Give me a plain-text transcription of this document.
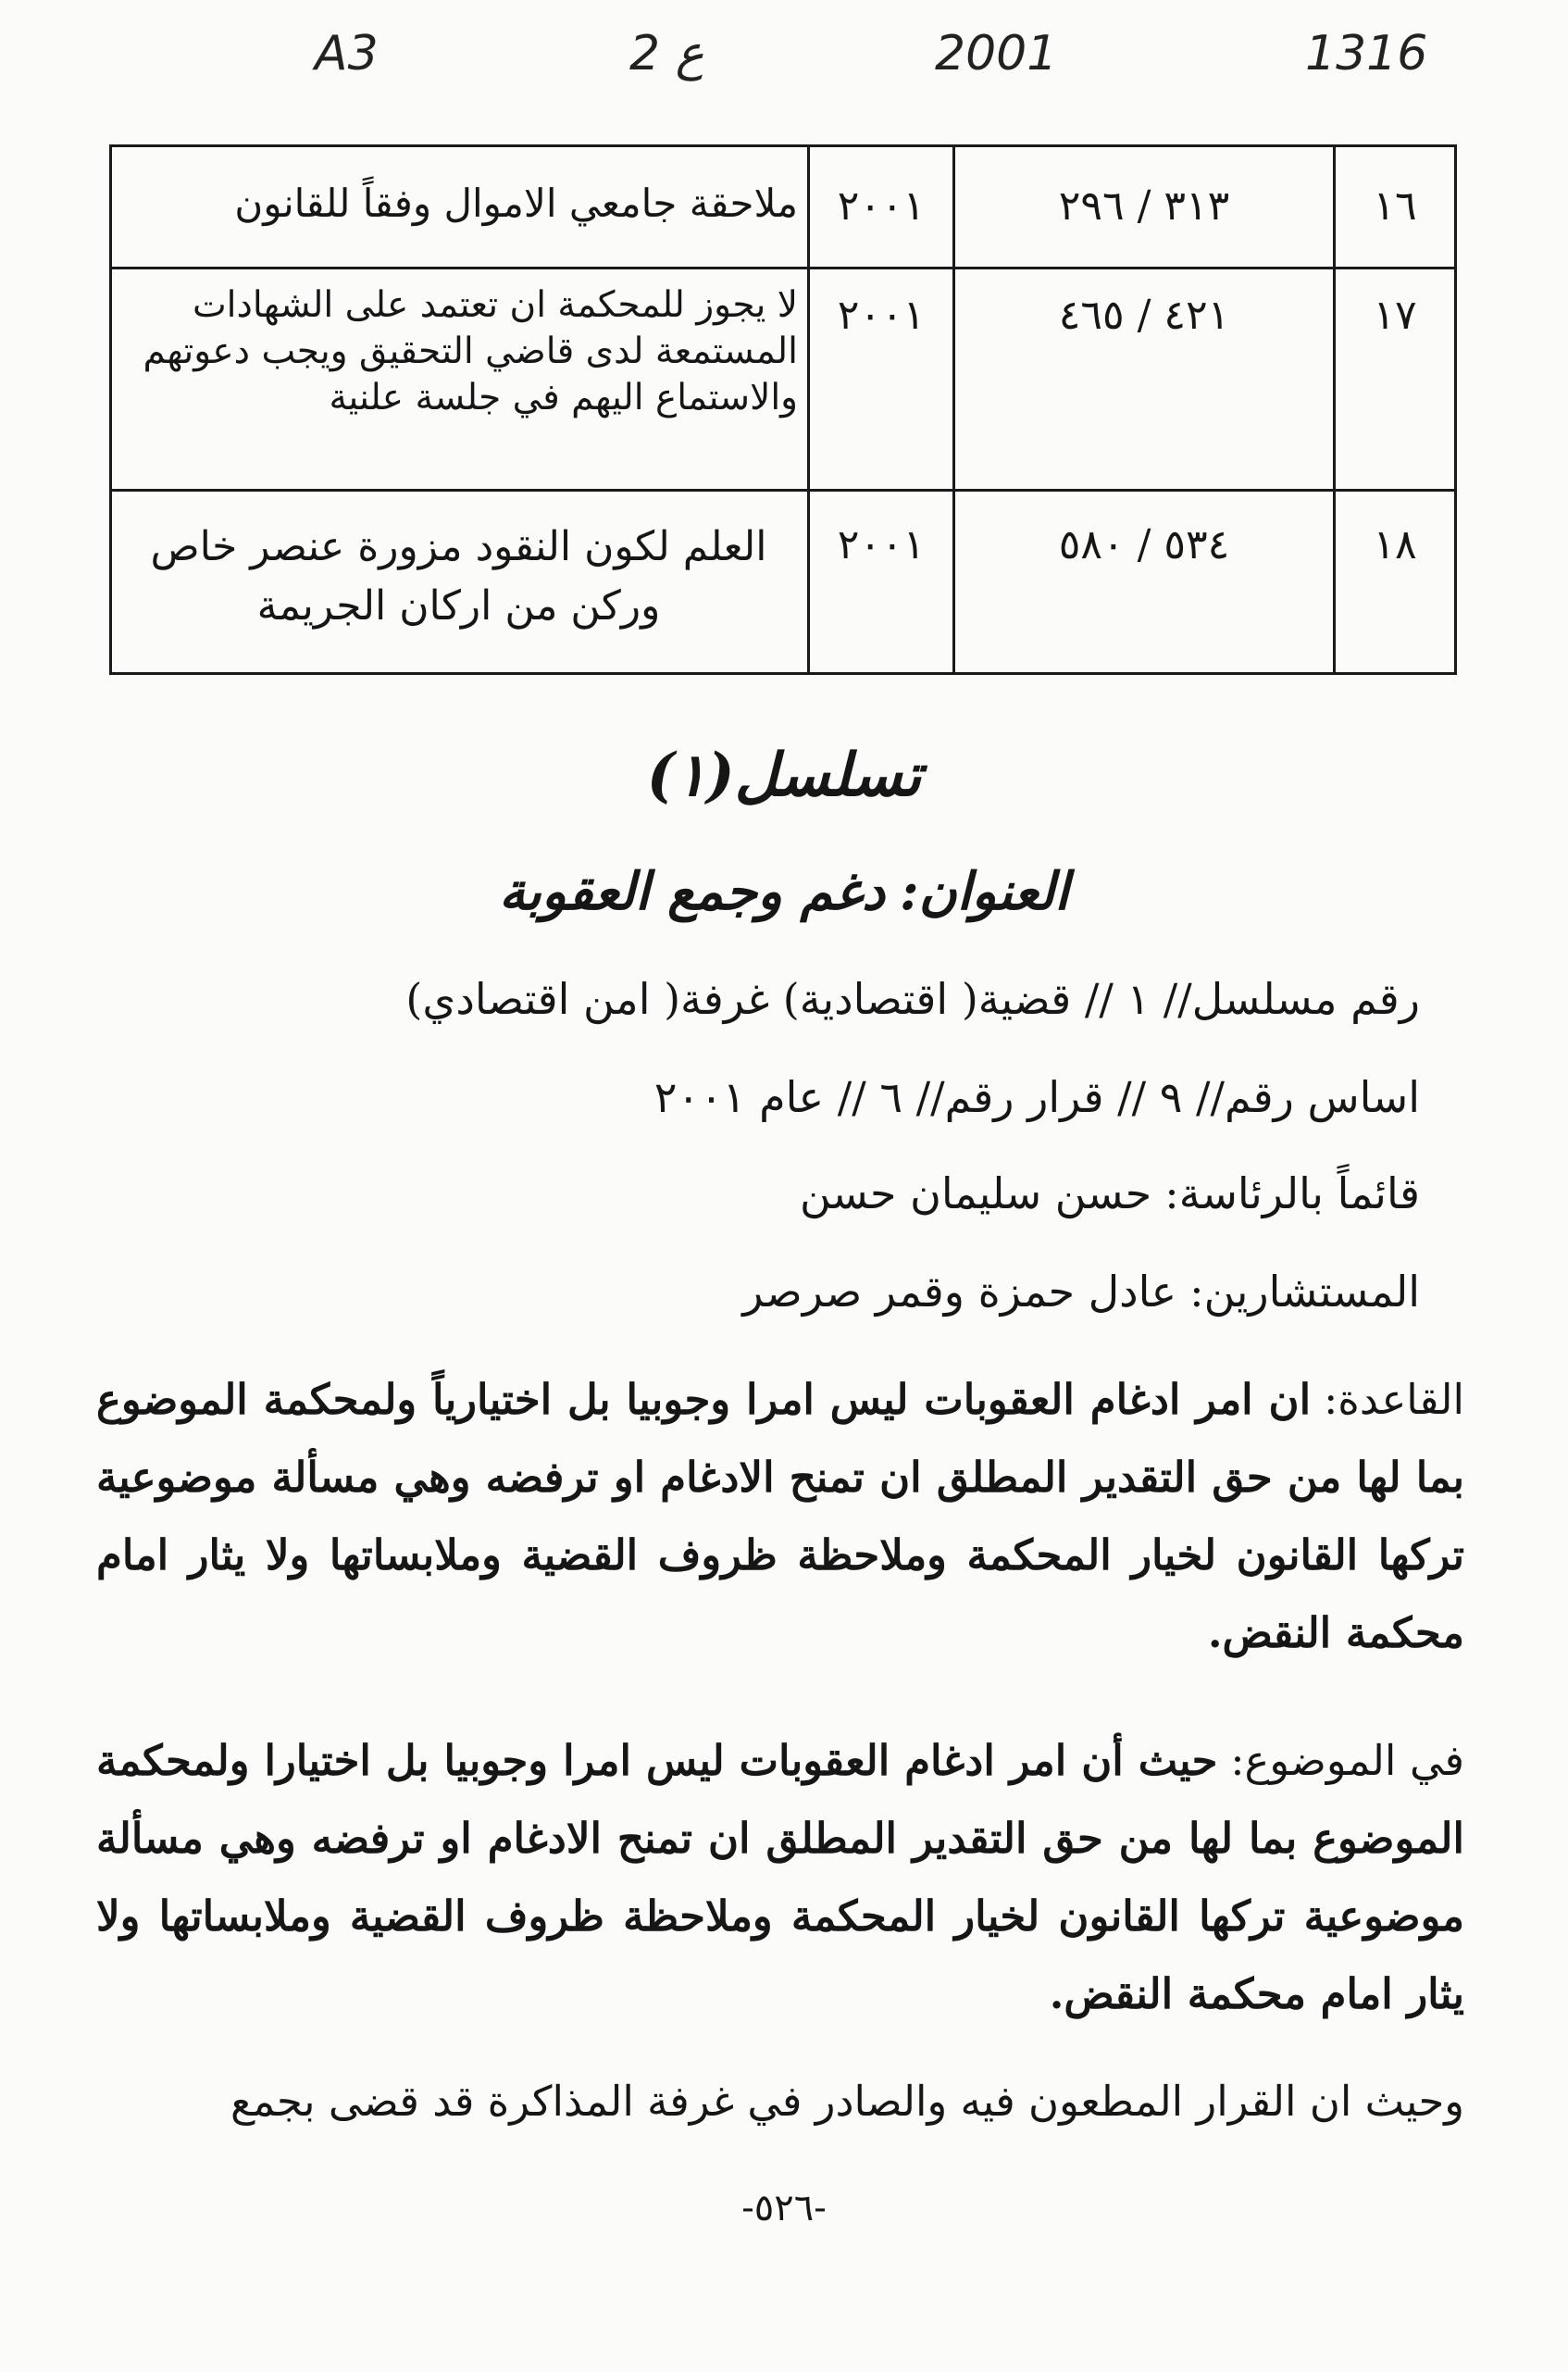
A3	2 ع	2001	1316
١٦	٣١٣ / ٢٩٦	٢٠٠١	ملاحقة جامعي الاموال وفقاً للقانون
١٧	٤٢١ / ٤٦٥	٢٠٠١	لا يجوز للمحكمة ان تعتمد على الشهادات المستمعة لدى قاضي التحقيق ويجب دعوتهم والاستماع اليهم في جلسة علنية
١٨	٥٣٤ / ٥٨٠	٢٠٠١	العلم لكون النقود مزورة عنصر خاص وركن من اركان الجريمة
تسلسل(١)
العنوان:دغم وجمع العقوبة
رقم مسلسل// ١ // قضية( اقتصادية) غرفة( امن اقتصادي)
اساس رقم// ٩ // قرار رقم// ٦ // عام ٢٠٠١
قائماً بالرئاسة:حسن سليمان حسن
المستشارين:عادل حمزة وقمر صرصر
القاعدة:ان امر ادغام العقوبات ليس امرا وجوبيا بل اختيارياً ولمحكمة الموضوع بما لها من حق التقدير المطلق ان تمنح الادغام او ترفضه وهي مسألة موضوعية تركها القانون لخيار المحكمة وملاحظة ظروف القضية وملابساتها ولا يثار امام محكمة النقض.
في الموضوع:حيث أن امر ادغام العقوبات ليس امرا وجوبيا بل اختيارا ولمحكمة الموضوع بما لها من حق التقدير المطلق ان تمنح الادغام او ترفضه وهي مسألة موضوعية تركها القانون لخيار المحكمة وملاحظة ظروف القضية وملابساتها ولا يثار امام محكمة النقض.
وحيث ان القرار المطعون فيه والصادر في غرفة المذاكرة قد قضى بجمع
-٥٢٦-
